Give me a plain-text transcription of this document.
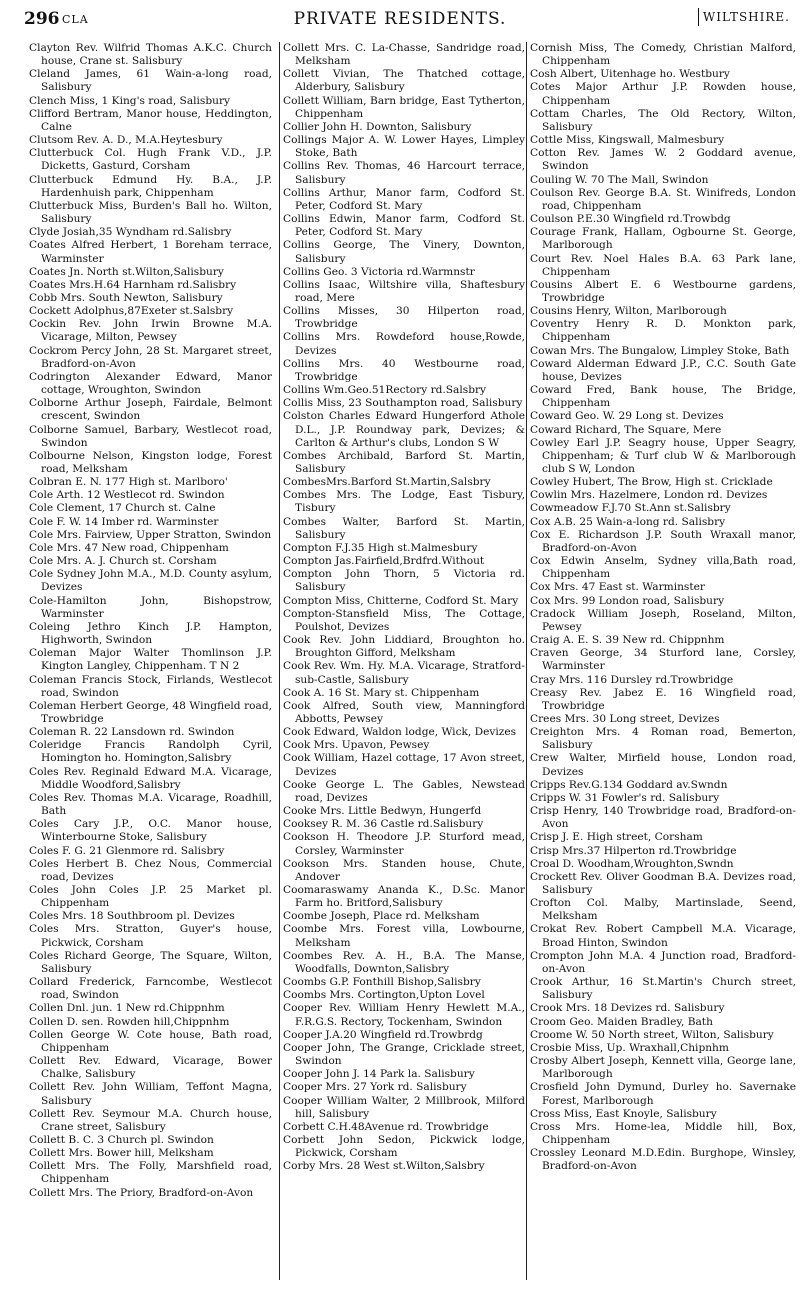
296 CLA	PRIVATE RESIDENTS.	WILTSHIRE.
Clayton Rev. Wilfrid Thomas A.K.C. Church house, Crane st. Salisbury
Cleland James, 61 Wain-a-long road, Salisbury
Clench Miss, 1 King's road, Salisbury
Clifford Bertram, Manor house, Heddington, Calne
Clutsom Rev. A. D., M.A.Heytesbury
Clutterbuck Col. Hugh Frank V.D., J.P. Dicketts, Gasturd, Corsham
Clutterbuck Edmund Hy. B.A., J.P. Hardenhuish park, Chippenham
Clutterbuck Miss, Burden's Ball ho. Wilton, Salisbury
Clyde Josiah,35 Wyndham rd.Salisbry
Coates Alfred Herbert, 1 Boreham terrace, Warminster
Coates Jn. North st.Wilton,Salisbury
Coates Mrs.H.64 Harnham rd.Salisbry
Cobb Mrs. South Newton, Salisbury
Cockett Adolphus,87Exeter st.Salsbry
Cockin Rev. John Irwin Browne M.A. Vicarage, Milton, Pewsey
Cockrom Percy John, 28 St. Margaret street, Bradford-on-Avon
Codrington Alexander Edward, Manor cottage, Wroughton, Swindon
Colborne Arthur Joseph, Fairdale, Belmont crescent, Swindon
Colborne Samuel, Barbary, Westlecot road, Swindon
Colbourne Nelson, Kingston lodge, Forest road, Melksham
Colbran E. N. 177 High st. Marlboro'
Cole Arth. 12 Westlecot rd. Swindon
Cole Clement, 17 Church st. Calne
Cole F. W. 14 Imber rd. Warminster
Cole Mrs. Fairview, Upper Stratton, Swindon
Cole Mrs. 47 New road, Chippenham
Cole Mrs. A. J. Church st. Corsham
Cole Sydney John M.A., M.D. County asylum, Devizes
Cole-Hamilton John, Bishopstrow, Warminster
Coleing Jethro Kinch J.P. Hampton, Highworth, Swindon
Coleman Major Walter Thomlinson J.P. Kington Langley, Chippenham. T N 2
Coleman Francis Stock, Firlands, Westlecot road, Swindon
Coleman Herbert George, 48 Wingfield road, Trowbridge
Coleman R. 22 Lansdown rd. Swindon
Coleridge Francis Randolph Cyril, Homington ho. Homington,Salisbry
Coles Rev. Reginald Edward M.A. Vicarage, Middle Woodford,Salisbry
Coles Rev. Thomas M.A. Vicarage, Roadhill, Bath
Coles Cary J.P., O.C. Manor house, Winterbourne Stoke, Salisbury
Coles F. G. 21 Glenmore rd. Salisbry
Coles Herbert B. Chez Nous, Commercial road, Devizes
Coles John Coles J.P. 25 Market pl. Chippenham
Coles Mrs. 18 Southbroom pl. Devizes
Coles Mrs. Stratton, Guyer's house, Pickwick, Corsham
Coles Richard George, The Square, Wilton, Salisbury
Collard Frederick, Farncombe, Westlecot road, Swindon
Collen Dnl. jun. 1 New rd.Chippnhm
Collen D. sen. Rowden hill,Chippnhm
Collen George W. Cote house, Bath road, Chippenham
Collett Rev. Edward, Vicarage, Bower Chalke, Salisbury
Collett Rev. John William, Teffont Magna, Salisbury
Collett Rev. Seymour M.A. Church house, Crane street, Salisbury
Collett B. C. 3 Church pl. Swindon
Collett Mrs. Bower hill, Melksham
Collett Mrs. The Folly, Marshfield road, Chippenham
Collett Mrs. The Priory, Bradford-on-Avon
Collett Mrs. C. La-Chasse, Sandridge road, Melksham
Collett Vivian, The Thatched cottage, Alderbury, Salisbury
Collett William, Barn bridge, East Tytherton, Chippenham
Collier John H. Downton, Salisbury
Collings Major A. W. Lower Hayes, Limpley Stoke, Bath
Collins Rev. Thomas, 46 Harcourt terrace, Salisbury
Collins Arthur, Manor farm, Codford St. Peter, Codford St. Mary
Collins Edwin, Manor farm, Codford St. Peter, Codford St. Mary
Collins George, The Vinery, Downton, Salisbury
Collins Geo. 3 Victoria rd.Warmnstr
Collins Isaac, Wiltshire villa, Shaftesbury road, Mere
Collins Misses, 30 Hilperton road, Trowbridge
Collins Mrs. Rowdeford house,Rowde, Devizes
Collins Mrs. 40 Westbourne road, Trowbridge
Collins Wm.Geo.51Rectory rd.Salsbry
Collis Miss, 23 Southampton road, Salisbury
Colston Charles Edward Hungerford Athole D.L., J.P. Roundway park, Devizes; & Carlton & Arthur's clubs, London S W
Combes Archibald, Barford St. Martin, Salisbury
CombesMrs.Barford St.Martin,Salsbry
Combes Mrs. The Lodge, East Tisbury, Tisbury
Combes Walter, Barford St. Martin, Salisbury
Compton F.J.35 High st.Malmesbury
Compton Jas.Fairfield,Brdfrd.Without
Compton John Thorn, 5 Victoria rd. Salisbury
Compton Miss, Chitterne, Codford St. Mary
Compton-Stansfield Miss, The Cottage, Poulshot, Devizes
Cook Rev. John Liddiard, Broughton ho. Broughton Gifford, Melksham
Cook Rev. Wm. Hy. M.A. Vicarage, Stratford-sub-Castle, Salisbury
Cook A. 16 St. Mary st. Chippenham
Cook Alfred, South view, Manningford Abbotts, Pewsey
Cook Edward, Waldon lodge, Wick, Devizes
Cook Mrs. Upavon, Pewsey
Cook William, Hazel cottage, 17 Avon street, Devizes
Cooke George L. The Gables, Newstead road, Devizes
Cooke Mrs. Little Bedwyn, Hungerfd
Cooksey R. M. 36 Castle rd.Salisbury
Cookson H. Theodore J.P. Sturford mead, Corsley, Warminster
Cookson Mrs. Standen house, Chute, Andover
Coomaraswamy Ananda K., D.Sc. Manor Farm ho. Britford,Salisbury
Coombe Joseph, Place rd. Melksham
Coombe Mrs. Forest villa, Lowbourne, Melksham
Coombes Rev. A. H., B.A. The Manse, Woodfalls, Downton,Salisbry
Coombs G.P. Fonthill Bishop,Salisbry
Coombs Mrs. Cortington,Upton Lovel
Cooper Rev. William Henry Hewlett M.A., F.R.G.S. Rectory, Tockenham, Swindon
Cooper J.A.20 Wingfield rd.Trowbrdg
Cooper John, The Grange, Cricklade street, Swindon
Cooper John J. 14 Park la. Salisbury
Cooper Mrs. 27 York rd. Salisbury
Cooper William Walter, 2 Millbrook, Milford hill, Salisbury
Corbett C.H.48Avenue rd. Trowbridge
Corbett John Sedon, Pickwick lodge, Pickwick, Corsham
Corby Mrs. 28 West st.Wilton,Salsbry
Cornish Miss, The Comedy, Christian Malford, Chippenham
Cosh Albert, Uitenhage ho. Westbury
Cotes Major Arthur J.P. Rowden house, Chippenham
Cottam Charles, The Old Rectory, Wilton, Salisbury
Cottle Miss, Kingswall, Malmesbury
Cotton Rev. James W. 2 Goddard avenue, Swindon
Couling W. 70 The Mall, Swindon
Coulson Rev. George B.A. St. Winifreds, London road, Chippenham
Coulson P.E.30 Wingfield rd.Trowbdg
Courage Frank, Hallam, Ogbourne St. George, Marlborough
Court Rev. Noel Hales B.A. 63 Park lane, Chippenham
Cousins Albert E. 6 Westbourne gardens, Trowbridge
Cousins Henry, Wilton, Marlborough
Coventry Henry R. D. Monkton park, Chippenham
Cowan Mrs. The Bungalow, Limpley Stoke, Bath
Coward Alderman Edward J.P., C.C. South Gate house, Devizes
Coward Fred, Bank house, The Bridge, Chippenham
Coward Geo. W. 29 Long st. Devizes
Coward Richard, The Square, Mere
Cowley Earl J.P. Seagry house, Upper Seagry, Chippenham; & Turf club W & Marlborough club S W, London
Cowley Hubert, The Brow, High st. Cricklade
Cowlin Mrs. Hazelmere, London rd. Devizes
Cowmeadow F.J.70 St.Ann st.Salisbry
Cox A.B. 25 Wain-a-long rd. Salisbry
Cox E. Richardson J.P. South Wraxall manor, Bradford-on-Avon
Cox Edwin Anselm, Sydney villa,Bath road, Chippenham
Cox Mrs. 47 East st. Warminster
Cox Mrs. 99 London road, Salisbury
Cradock William Joseph, Roseland, Milton, Pewsey
Craig A. E. S. 39 New rd. Chippnhm
Craven George, 34 Sturford lane, Corsley, Warminster
Cray Mrs. 116 Dursley rd.Trowbridge
Creasy Rev. Jabez E. 16 Wingfield road, Trowbridge
Crees Mrs. 30 Long street, Devizes
Creighton Mrs. 4 Roman road, Bemerton, Salisbury
Crew Walter, Mirfield house, London road, Devizes
Cripps Rev.G.134 Goddard av.Swndn
Cripps W. 31 Fowler's rd. Salisbury
Crisp Henry, 140 Trowbridge road, Bradford-on-Avon
Crisp J. E. High street, Corsham
Crisp Mrs.37 Hilperton rd.Trowbridge
Croal D. Woodham,Wroughton,Swndn
Crockett Rev. Oliver Goodman B.A. Devizes road, Salisbury
Crofton Col. Malby, Martinslade, Seend, Melksham
Crokat Rev. Robert Campbell M.A. Vicarage, Broad Hinton, Swindon
Crompton John M.A. 4 Junction road, Bradford-on-Avon
Crook Arthur, 16 St.Martin's Church street, Salisbury
Crook Mrs. 18 Devizes rd. Salisbury
Croom Geo. Maiden Bradley, Bath
Croome W. 50 North street, Wilton, Salisbury
Crosbie Miss, Up. Wraxhall,Chipnhm
Crosby Albert Joseph, Kennett villa, George lane, Marlborough
Crosfield John Dymund, Durley ho. Savernake Forest, Marlborough
Cross Miss, East Knoyle, Salisbury
Cross Mrs. Home-lea, Middle hill, Box, Chippenham
Crossley Leonard M.D.Edin. Burghope, Winsley, Bradford-on-Avon
